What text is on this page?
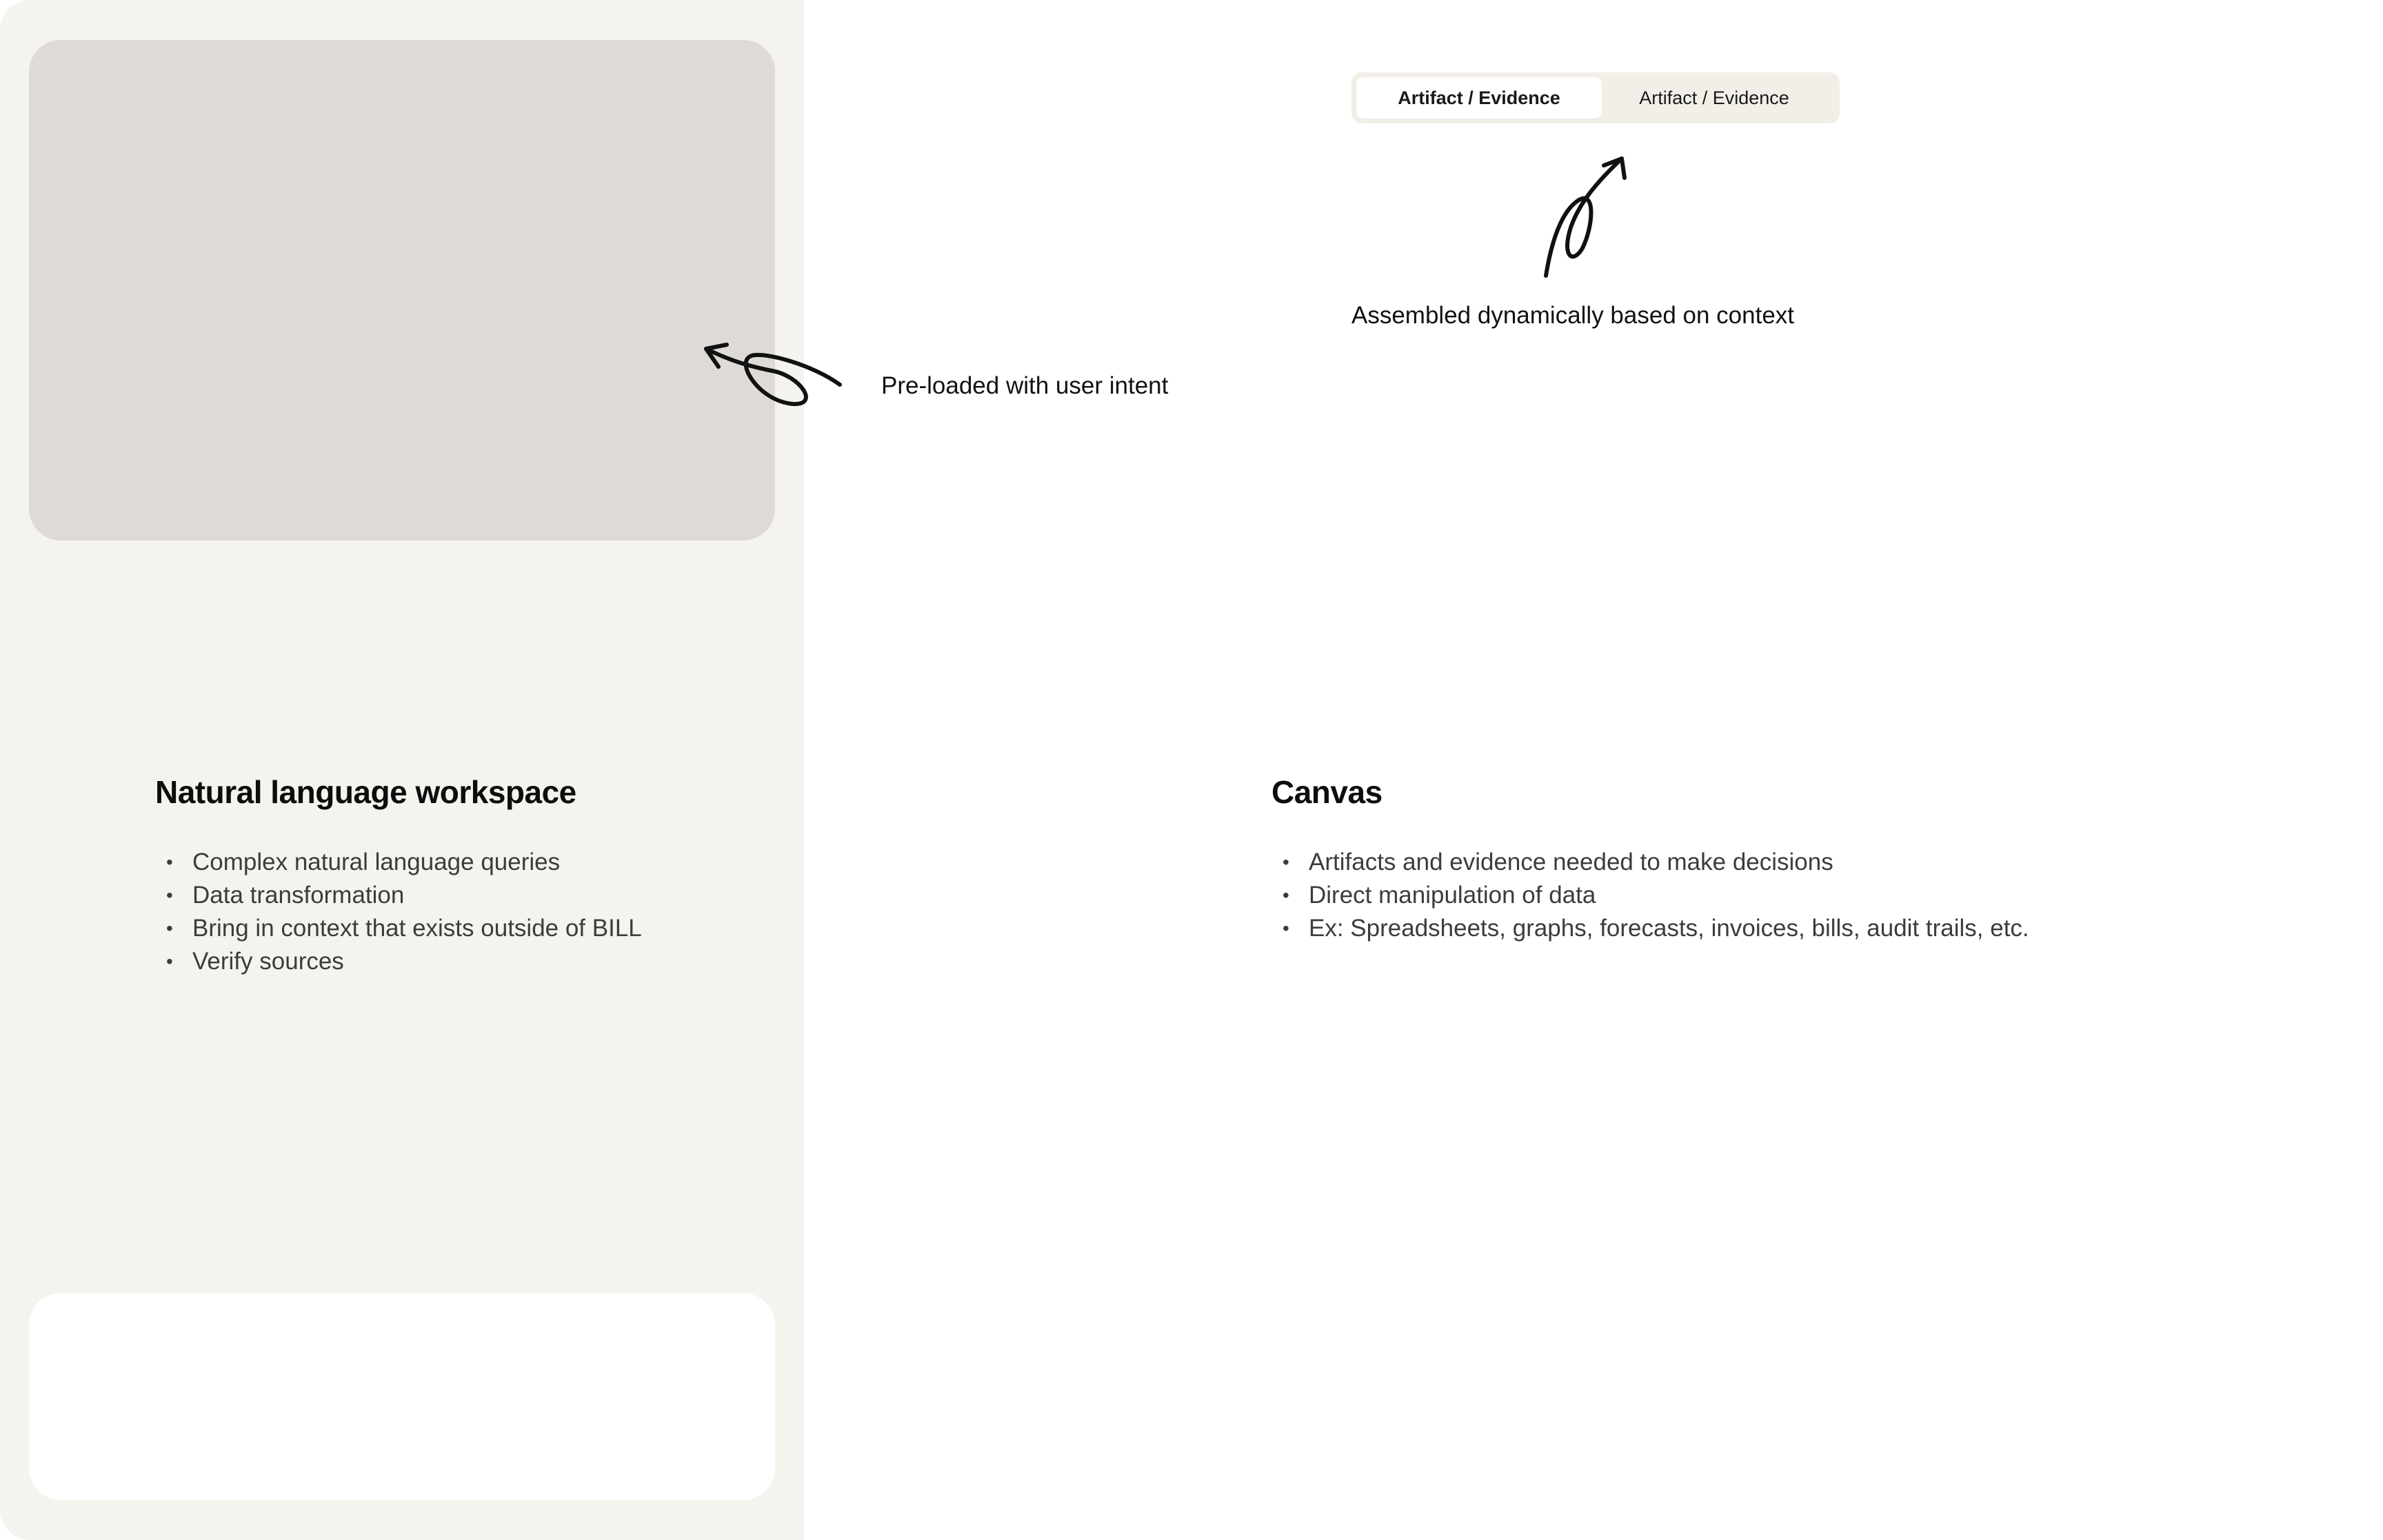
Natural language workspace
• Complex natural language queries
• Data transformation
• Bring in context that exists outside of BILL
• Verify sources
Pre-loaded with user intent
Artifact / Evidence	Artifact / Evidence
Assembled dynamically based on context
Canvas
• Artifacts and evidence needed to make decisions
• Direct manipulation of data
• Ex: Spreadsheets, graphs, forecasts, invoices, bills, audit trails, etc.
